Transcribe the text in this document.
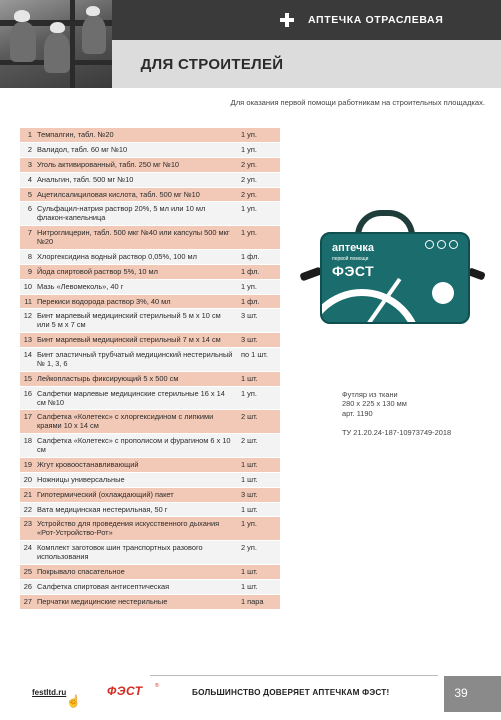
АПТЕЧКА ОТРАСЛЕВАЯ
ДЛЯ СТРОИТЕЛЕЙ
Для оказания первой помощи работникам на строительных площадках.
1	Темпалгин, табл. №20	1 уп.
2	Валидол, табл. 60 мг №10	1 уп.
3	Уголь активированный, табл. 250 мг №10	2 уп.
4	Анальгин, табл. 500 мг №10	2 уп.
5	Ацетилсалициловая кислота, табл. 500 мг №10	2 уп.
6	Сульфацил-натрия раствор 20%, 5 мл или 10 мл флакон-капельница	1 уп.
7	Нитроглицерин, табл. 500 мкг №40 или капсулы 500 мкг №20	1 уп.
8	Хлоргексидина водный раствор 0,05%, 100 мл	1 фл.
9	Йода спиртовой раствор 5%, 10 мл	1 фл.
10	Мазь «Левомеколь», 40 г	1 уп.
11	Перекиси водорода раствор 3%, 40 мл	1 фл.
12	Бинт марлевый медицинский стерильный 5 м х 10 см или 5 м х 7 см	3 шт.
13	Бинт марлевый медицинский стерильный 7 м х 14 см	3 шт.
14	Бинт эластичный трубчатый медицинский нестерильный № 1, 3, 6	по 1 шт.
15	Лейкопластырь фиксирующий 5 х 500 см	1 шт.
16	Салфетки марлевые медицинские стерильные 16 х 14 см №10	1 уп.
17	Салфетка «Колетекс» с хлоргексидином с липкими краями 10 х 14 см	2 шт.
18	Салфетка «Колетекс» с прополисом и фурагином 6 х 10 см	2 шт.
19	Жгут кровоостанавливающий	1 шт.
20	Ножницы универсальные	1 шт.
21	Гипотермический (охлаждающий) пакет	3 шт.
22	Вата медицинская нестерильная, 50 г	1 шт.
23	Устройство для проведения искусственного дыхания «Рот-Устройство-Рот»	1 уп.
24	Комплект заготовок шин транспортных разового использования	2 уп.
25	Покрывало спасательное	1 шт.
26	Салфетка спиртовая антисептическая	1 шт.
27	Перчатки медицинские нестерильные	1 пара
аптечка
первой помощи
ФЭСТ
Футляр из ткани
280 х 225 х 130 мм
арт. 1190
ТУ 21.20.24-187-10973749-2018
festltd.ru
☝
ФЭСТ ®
БОЛЬШИНСТВО ДОВЕРЯЕТ АПТЕЧКАМ ФЭСТ!	39
